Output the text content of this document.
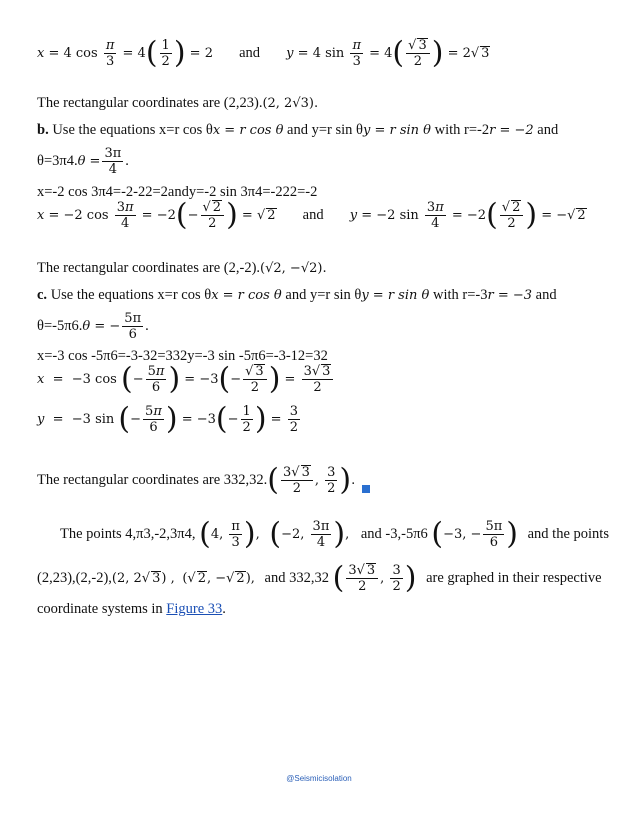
x = 4 $\cos \frac{\pi}{3} = 4( \frac{1}{2}$ ) = 2 and y = 4 $\sin \frac{\pi}{3} = 4( \frac{√ 3}{2}$ ) = 2√ 3
The rectangular coordinates are (2,23).(2, 2√3).
b. Use the equations x=r cos θx = r cos θ and y=r sin θy = r sin θ with r=-2r = −2 and
$\theta=3\pi 4.\theta = \frac{3\pi}{4}$ .
x=-2 cos 3π4=-2-22=2andy=-2 sin 3π4=-222=-2
x = −2 $\cos \frac{3\pi}{4} = -2(- \frac{√ 2}{2}$ ) = √ 2 and y = −2 $\sin \frac{3\pi}{4} = -2( \frac{√ 2}{2}$ ) = −√ 2
The rectangular coordinates are (2,-2).(√2, −√2).
c. Use the equations x=r cos θx = r cos θ and y=r sin θy = r sin θ with r=-3r = −3 and
θ=-5π6.θ = − $\frac{5\pi}{6}$ .
x=-3 cos -5π6=-3-32=332y=-3 sin -5π6=-3-12=32
x  =  −3 cos (− $\frac{5\pi}{6}$ ) = $-3(- \frac{√ 3}{2}$ ) = $\frac{3√ 3}{2}$
y  =  −3 sin (− $\frac{5\pi}{6}$ ) = $-3(- \frac{1}{2}$ ) = $\frac{3}{2}$
The rectangular coordinates are $332,32.( \frac{3√ 3}{2}$ , $\frac{3}{2}$ ).
The points 4,π3,-2,3π4, (4, $\frac{\pi}{3}$ ), (−2, $\frac{3\pi}{4}$ ), and -3,-5π6 (−3, − $\frac{5\pi}{6}$ ) and the points
(2,23),(2,-2),(2, 2√ 3) , (√ 2, −√ 2), and 332,32 ( $\frac{3√ 3}{2}$ , $\frac{3}{2}$ ) are graphed in their respective
coordinate systems in Figure 33.
@Seismicisolation
